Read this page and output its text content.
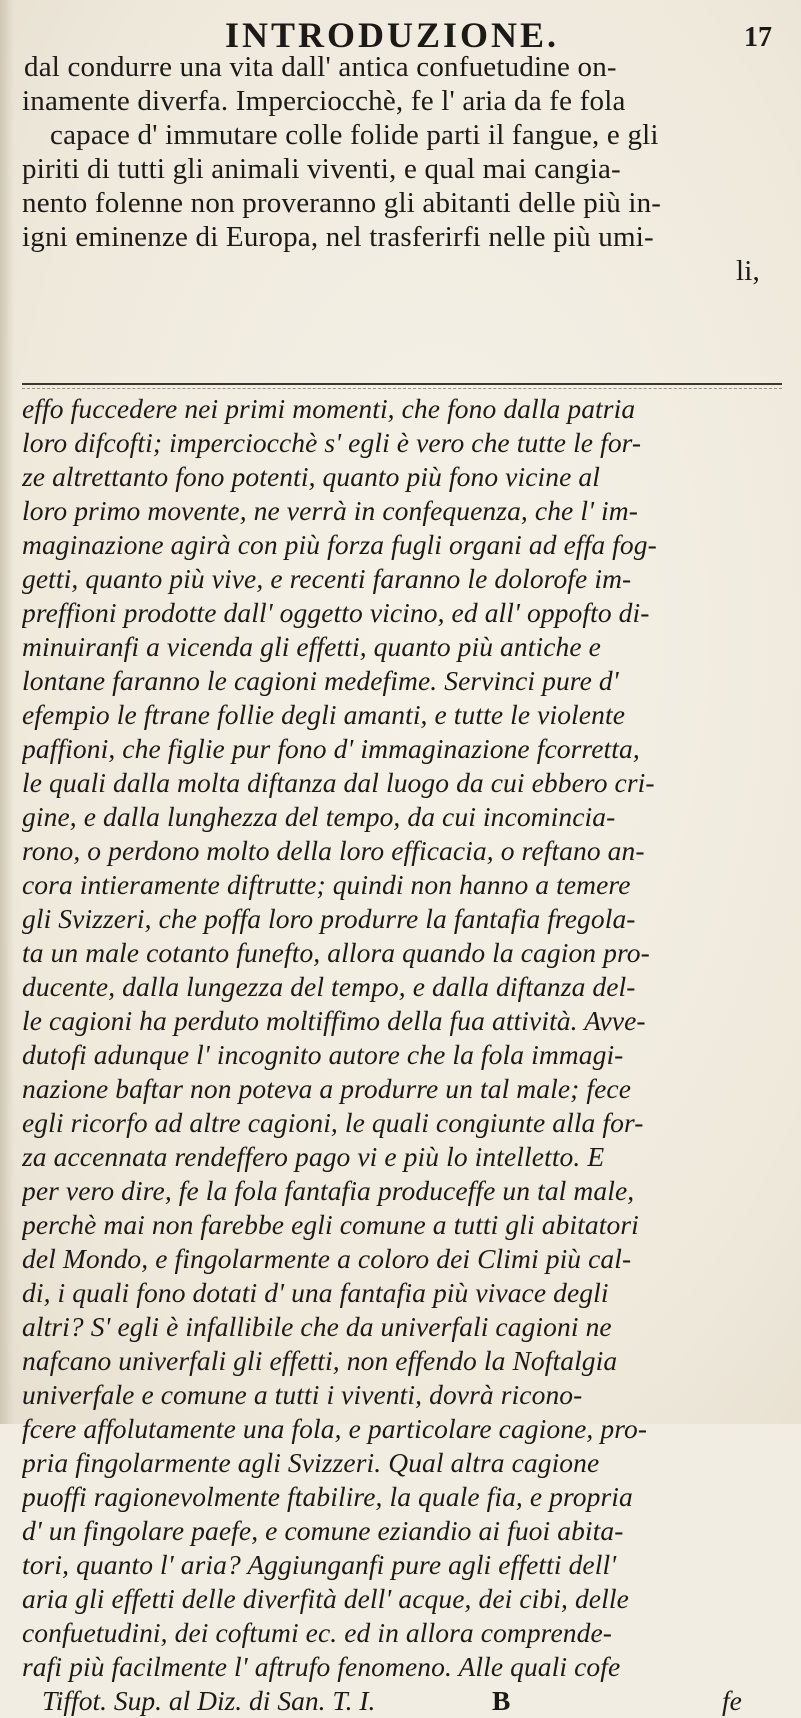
INTRODUZIONE.	17
dal condurre una vita dall' antica confuetudine on-
inamente diverfa. Imperciocchè, fe l' aria da fe fola
capace d' immutare colle folide parti il fangue, e gli
piriti di tutti gli animali viventi, e qual mai cangia-
nento folenne non proveranno gli abitanti delle più in-
igni eminenze di Europa, nel trasferirfi nelle più umi-
li,
effo fuccedere nei primi momenti, che fono dalla patria
loro difcofti; imperciocchè s' egli è vero che tutte le for-
ze altrettanto fono potenti, quanto più fono vicine al
loro primo movente, ne verrà in confequenza, che l' im-
maginazione agirà con più forza fugli organi ad effa fog-
getti, quanto più vive, e recenti faranno le dolorofe im-
preffioni prodotte dall' oggetto vicino, ed all' oppofto di-
minuiranfi a vicenda gli effetti, quanto più antiche e
lontane faranno le cagioni medefime. Servinci pure d'
efempio le ftrane follie degli amanti, e tutte le violente
paffioni, che figlie pur fono d' immaginazione fcorretta,
le quali dalla molta diftanza dal luogo da cui ebbero cri-
gine, e dalla lunghezza del tempo, da cui incomincia-
rono, o perdono molto della loro efficacia, o reftano an-
cora intieramente diftrutte; quindi non hanno a temere
gli Svizzeri, che poffa loro produrre la fantafia fregola-
ta un male cotanto funefto, allora quando la cagion pro-
ducente, dalla lungezza del tempo, e dalla diftanza del-
le cagioni ha perduto moltiffimo della fua attività. Avve-
dutofi adunque l' incognito autore che la fola immagi-
nazione baftar non poteva a produrre un tal male; fece
egli ricorfo ad altre cagioni, le quali congiunte alla for-
za accennata rendeffero pago vi e più lo intelletto. E
per vero dire, fe la fola fantafia produceffe un tal male,
perchè mai non farebbe egli comune a tutti gli abitatori
del Mondo, e fingolarmente a coloro dei Climi più cal-
di, i quali fono dotati d' una fantafia più vivace degli
altri? S' egli è infallibile che da univerfali cagioni ne
nafcano univerfali gli effetti, non effendo la Noftalgia
univerfale e comune a tutti i viventi, dovrà ricono-
fcere affolutamente una fola, e particolare cagione, pro-
pria fingolarmente agli Svizzeri. Qual altra cagione
puoffi ragionevolmente ftabilire, la quale fia, e propria
d' un fingolare paefe, e comune eziandio ai fuoi abita-
tori, quanto l' aria? Aggiunganfi pure agli effetti dell'
aria gli effetti delle diverfità dell' acque, dei cibi, delle
confuetudini, dei coftumi ec. ed in allora comprende-
rafi più facilmente l' aftrufo fenomeno. Alle quali cofe
Tiffot. Sup. al Diz. di San. T. I.	B	fe
